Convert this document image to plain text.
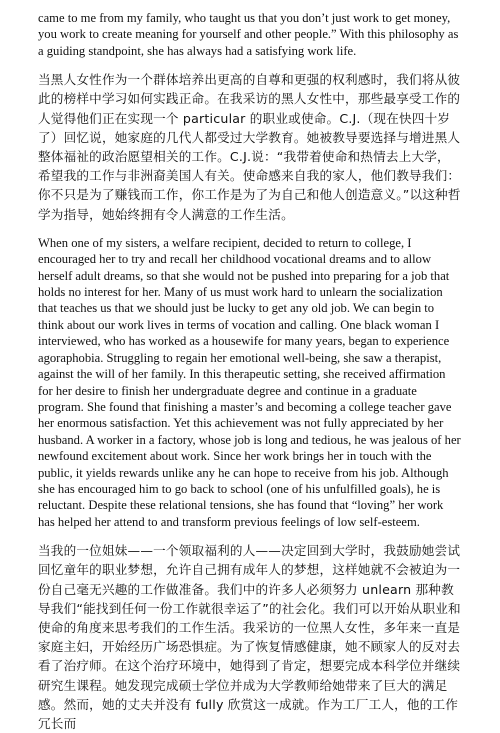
came to me from my family, who taught us that you don’t just work to get money, you work to create meaning for yourself and other people.” With this philosophy as a guiding standpoint, she has always had a satisfying work life.

当黑人女性作为一个群体培养出更高的自尊和更强的权利感时，我们将从彼此的榜样中学习如何实践正命。在我采访的黑人女性中，那些最享受工作的人觉得他们正在实现一个 particular 的职业或使命。C.J.（现在快四十岁了）回忆说，她家庭的几代人都受过大学教育。她被教导要选择与增进黑人整体福祉的政治愿望相关的工作。C.J.说：“我带着使命和热情去上大学，希望我的工作与非洲裔美国人有关。使命感来自我的家人，他们教导我们：你不只是为了赚钱而工作，你工作是为了为自己和他人创造意义。”以这种哲学为指导，她始终拥有令人满意的工作生活。

When one of my sisters, a welfare recipient, decided to return to college, I encouraged her to try and recall her childhood vocational dreams and to allow herself adult dreams, so that she would not be pushed into preparing for a job that holds no interest for her. Many of us must work hard to unlearn the socialization that teaches us that we should just be lucky to get any old job. We can begin to think about our work lives in terms of vocation and calling. One black woman I interviewed, who has worked as a housewife for many years, began to experience agoraphobia. Struggling to regain her emotional well-being, she saw a therapist, against the will of her family. In this therapeutic setting, she received affirmation for her desire to finish her undergraduate degree and continue in a graduate program. She found that finishing a master’s and becoming a college teacher gave her enormous satisfaction. Yet this achievement was not fully appreciated by her husband. A worker in a factory, whose job is long and tedious, he was jealous of her newfound excitement about work. Since her work brings her in touch with the public, it yields rewards unlike any he can hope to receive from his job. Although she has encouraged him to go back to school (one of his unfulfilled goals), he is reluctant. Despite these relational tensions, she has found that “loving” her work has helped her attend to and transform previous feelings of low self-esteem.

当我的一位姐妹——一个领取福利的人——决定回到大学时，我鼓励她尝试回忆童年的职业梦想，允许自己拥有成年人的梦想，这样她就不会被迫为一份自己毫无兴趣的工作做准备。我们中的许多人必须努力 unlearn 那种教导我们“能找到任何一份工作就很幸运了”的社会化。我们可以开始从职业和使命的角度来思考我们的工作生活。我采访的一位黑人女性，多年来一直是家庭主妇，开始经历广场恐惧症。为了恢复情感健康，她不顾家人的反对去看了治疗师。在这个治疗环境中，她得到了肯定，想要完成本科学位并继续研究生课程。她发现完成硕士学位并成为大学教师给她带来了巨大的满足感。然而，她的丈夫并没有 fully 欣赏这一成就。作为工厂工人，他的工作冗长而
